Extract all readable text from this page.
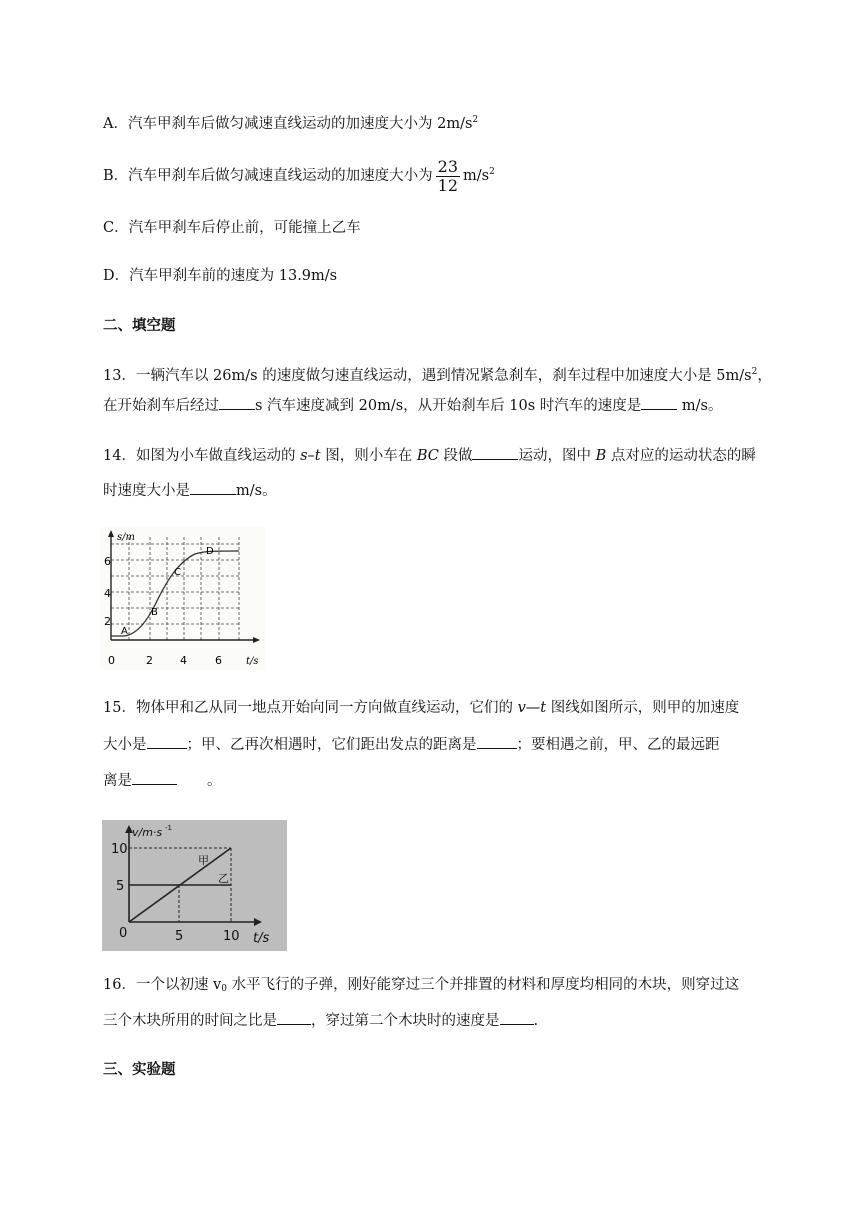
A．汽车甲刹车后做匀减速直线运动的加速度大小为 $2m/s^2$
B．汽车甲刹车后做匀减速直线运动的加速度大小为 $\frac{23}{12} m/s^2$
C．汽车甲刹车后停止前，可能撞上乙车
D．汽车甲刹车前的速度为 13.9m/s
二、填空题
13．一辆汽车以 26m/s 的速度做匀速直线运动，遇到情况紧急刹车，刹车过程中加速度大小是 $5m/s^2$，
在开始刹车后经过 s 汽车速度减到 20m/s，从开始刹车后 10s 时汽车的速度是 m/s。
14．如图为小车做直线运动的 s–t 图，则小车在 BC 段做	运动，图中 B 点对应的运动状态的瞬
时速度大小是	m/s。
s/m
6
4
2
0	2 4	6 t/s
A
B
C
D
15．物体甲和乙从同一地点开始向同一方向做直线运动，它们的 v—t 图线如图所示，则甲的加速度
大小是	；甲、乙再次相遇时，它们距出发点的距离是	；要相遇之前，甲、乙的最远距
离是	。
v/m·s -1
10
5
0	5	10 t/s
甲
乙
16．一个以初速 $v_0$ 水平飞行的子弹，刚好能穿过三个并排置的材料和厚度均相同的木块，则穿过这
三个木块所用的时间之比是 ，穿过第二个木块时的速度是 .
三、实验题
